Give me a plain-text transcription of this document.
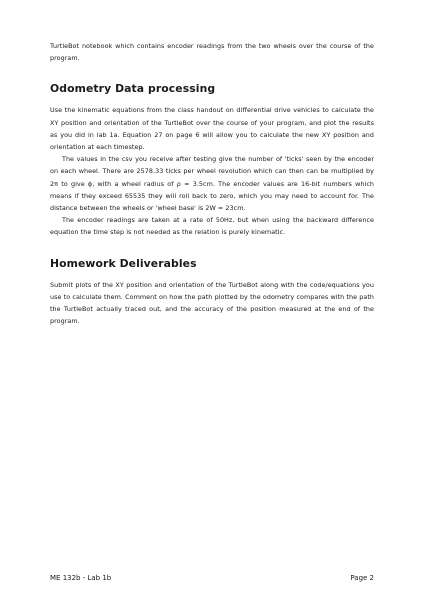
TurtleBot notebook which contains encoder readings from the two wheels over the course of the program.

Odometry Data processing

Use the kinematic equations from the class handout on differential drive vehicles to calculate the XY position and orientation of the TurtleBot over the course of your program, and plot the results as you did in lab 1a. Equation 27 on page 6 will allow you to calculate the new XY position and orientation at each timestep.

The values in the csv you receive after testing give the number of 'ticks' seen by the encoder on each wheel. There are 2578.33 ticks per wheel revolution which can then can be multiplied by 2π to give ϕ, with a wheel radius of ρ = 3.5cm. The encoder values are 16-bit numbers which means if they exceed 65535 they will roll back to zero, which you may need to account for. The distance between the wheels or 'wheel base' is 2W = 23cm.

The encoder readings are taken at a rate of 50Hz, but when using the backward difference equation the time step is not needed as the relation is purely kinematic.

Homework Deliverables

Submit plots of the XY position and orientation of the TurtleBot along with the code/equations you use to calculate them. Comment on how the path plotted by the odometry compares with the path the TurtleBot actually traced out, and the accuracy of the position measured at the end of the program.

ME 132b - Lab 1b	Page 2
